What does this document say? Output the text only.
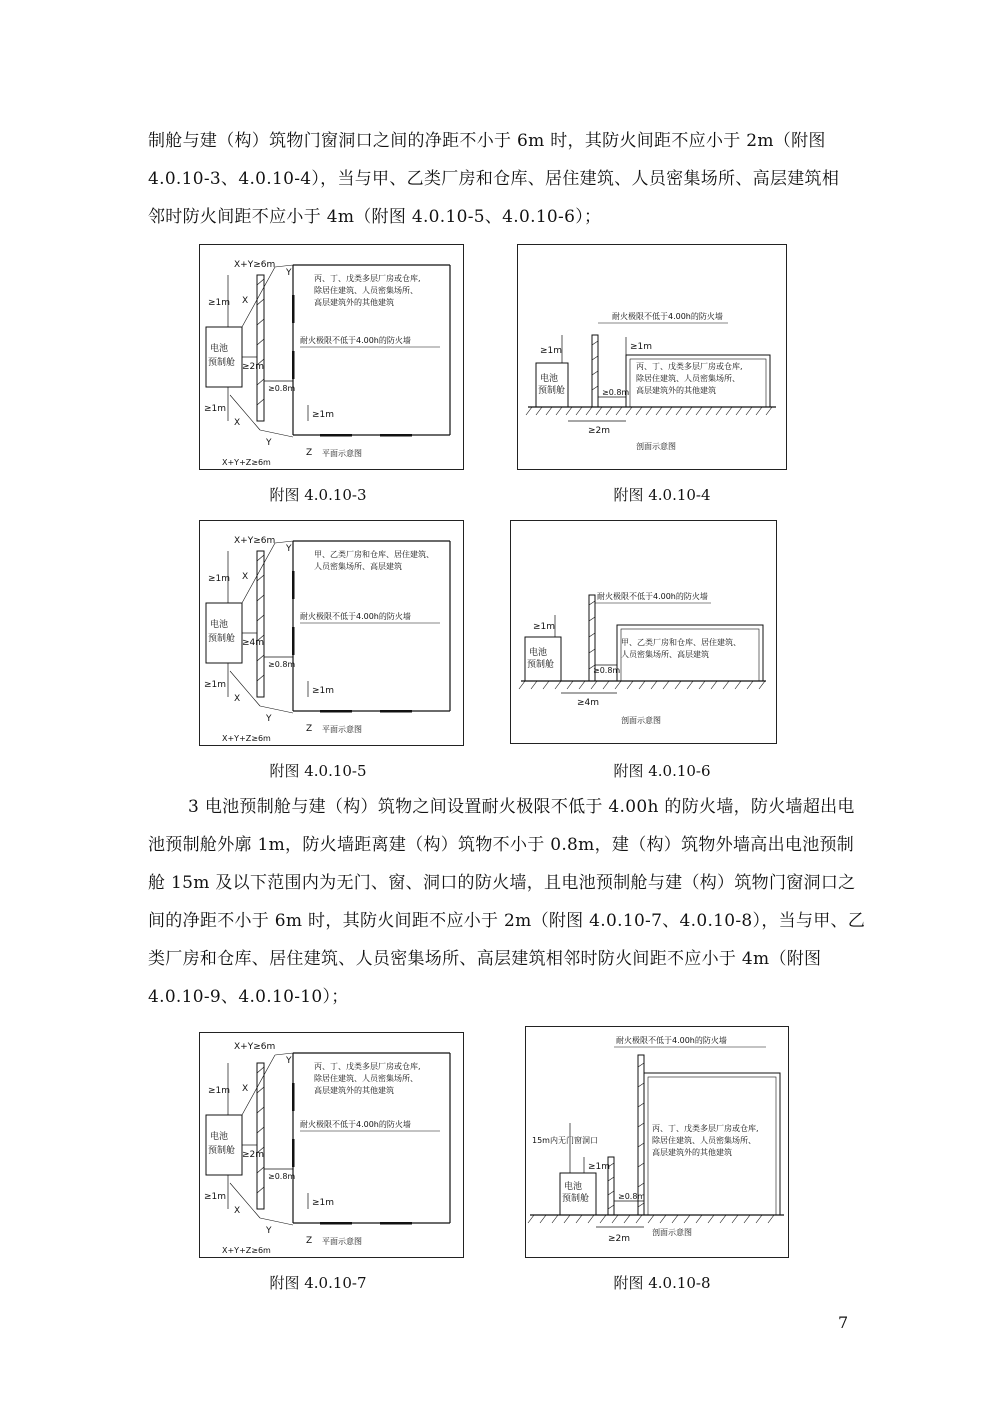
制舱与建（构）筑物门窗洞口之间的净距不小于 6m 时，其防火间距不应小于 2m（附图
4.0.10-3、4.0.10-4），当与甲、乙类厂房和仓库、居住建筑、人员密集场所、高层建筑相
邻时防火间距不应小于 4m（附图 4.0.10-5、4.0.10-6）；
电池
预制舱
≥1m
≥1m
≥2m
≥0.8m
≥1m
X+Y≥6m
X
Y
X
Y
Z 平面示意图
X+Y+Z≥6m
丙、丁、戊类多层厂房或仓库,
除居住建筑、人员密集场所、
高层建筑外的其他建筑
耐火极限不低于4.00h的防火墙
附图 4.0.10-3
电池
预制舱
≥1m
耐火极限不低于4.00h的防火墙
≥1m
丙、丁、戊类多层厂房或仓库,
除居住建筑、人员密集场所、
高层建筑外的其他建筑
≥0.8m
≥2m
剖面示意图
附图 4.0.10-4
电池
预制舱
≥1m
≥1m
≥4m
≥0.8m
≥1m
X+Y≥6m
X
Y
X
Y
Z 平面示意图
X+Y+Z≥6m
甲、乙类厂房和仓库、居住建筑、
人员密集场所、高层建筑
耐火极限不低于4.00h的防火墙
附图 4.0.10-5
电池
预制舱
≥1m
耐火极限不低于4.00h的防火墙
甲、乙类厂房和仓库、居住建筑、
人员密集场所、高层建筑
≥0.8m
≥4m
剖面示意图
附图 4.0.10-6
3 电池预制舱与建（构）筑物之间设置耐火极限不低于 4.00h 的防火墙，防火墙超出电
池预制舱外廓 1m，防火墙距离建（构）筑物不小于 0.8m，建（构）筑物外墙高出电池预制
舱 15m 及以下范围内为无门、窗、洞口的防火墙，且电池预制舱与建（构）筑物门窗洞口之
间的净距不小于 6m 时，其防火间距不应小于 2m（附图 4.0.10-7、4.0.10-8），当与甲、乙
类厂房和仓库、居住建筑、人员密集场所、高层建筑相邻时防火间距不应小于 4m（附图
4.0.10-9、4.0.10-10）；
电池
预制舱
≥1m
≥1m
≥2m
≥0.8m
≥1m
X+Y≥6m
X
Y
X
Y
Z 平面示意图
X+Y+Z≥6m
丙、丁、戊类多层厂房或仓库,
除居住建筑、人员密集场所、
高层建筑外的其他建筑
耐火极限不低于4.00h的防火墙
附图 4.0.10-7
电池
预制舱
≥1m
15m内无门窗洞口
耐火极限不低于4.00h的防火墙
丙、丁、戊类多层厂房或仓库,
除居住建筑、人员密集场所、
高层建筑外的其他建筑
≥0.8m
≥2m
剖面示意图
附图 4.0.10-8
7
